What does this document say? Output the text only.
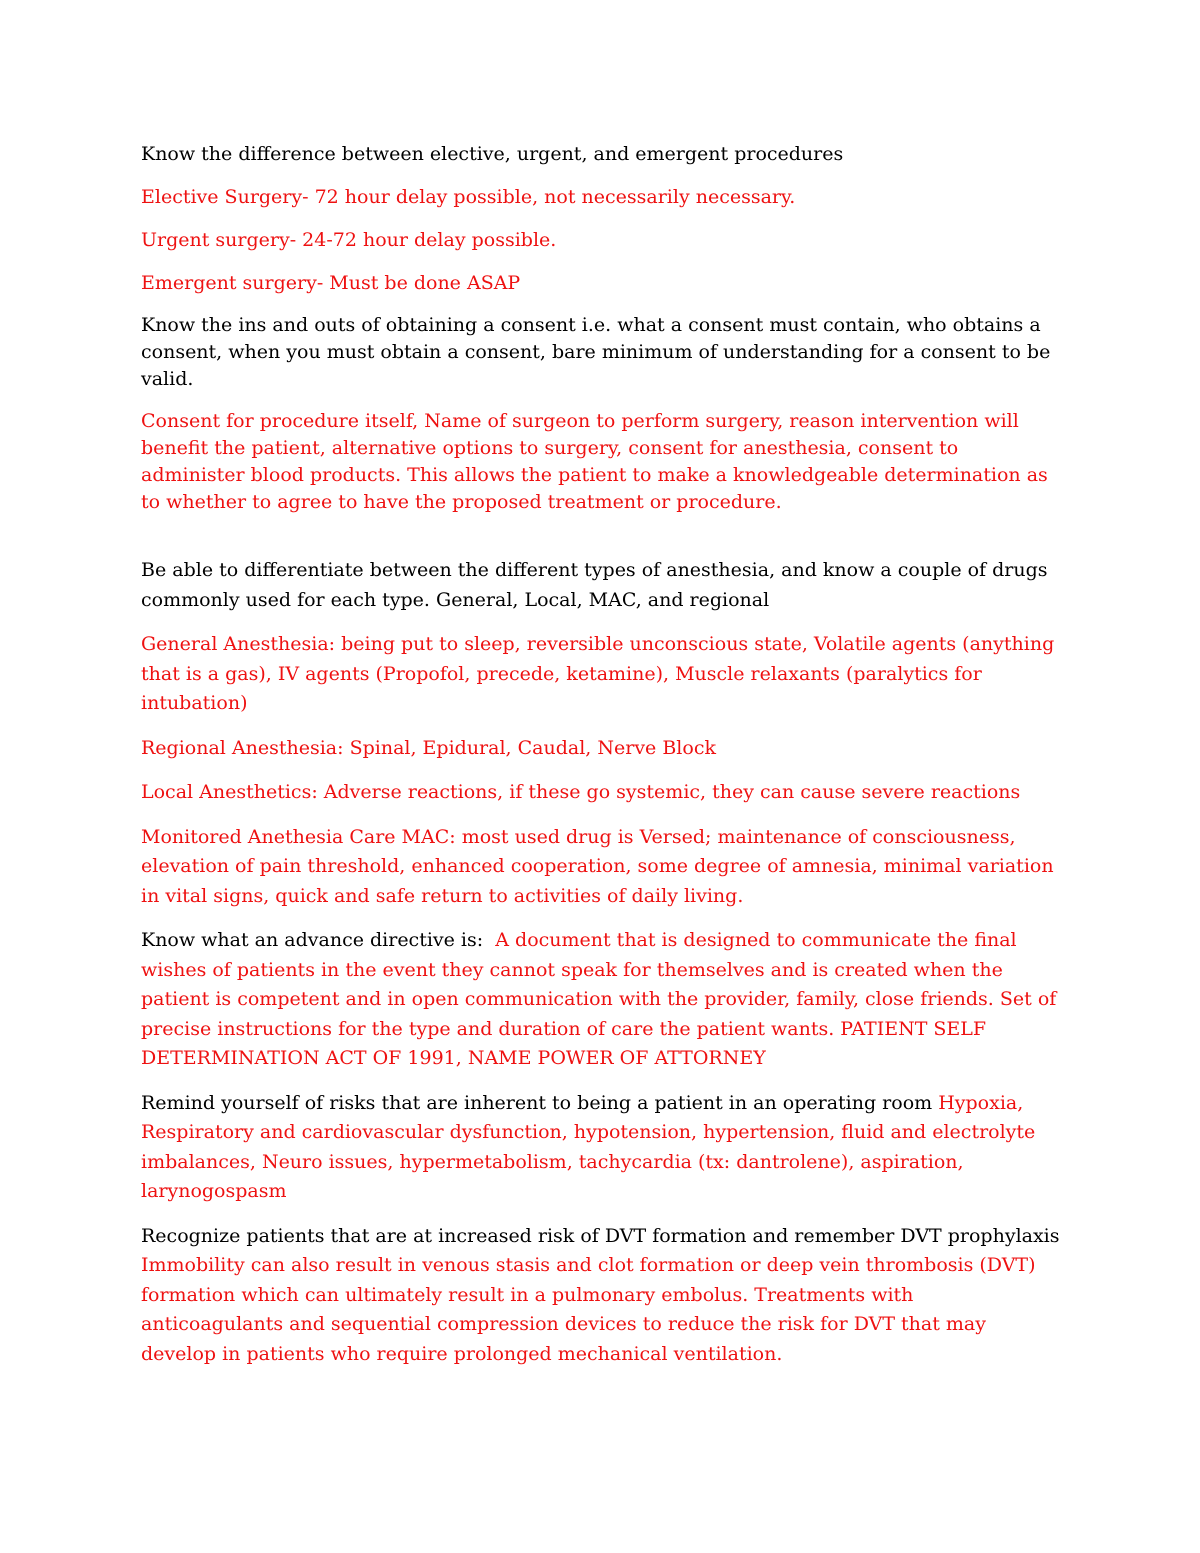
Know the difference between elective, urgent, and emergent procedures

Elective Surgery- 72 hour delay possible, not necessarily necessary.

Urgent surgery- 24-72 hour delay possible.

Emergent surgery- Must be done ASAP

Know the ins and outs of obtaining a consent i.e. what a consent must contain, who obtains a consent, when you must obtain a consent, bare minimum of understanding for a consent to be valid.

Consent for procedure itself, Name of surgeon to perform surgery, reason intervention will benefit the patient, alternative options to surgery, consent for anesthesia, consent to administer blood products. This allows the patient to make a knowledgeable determination as to whether to agree to have the proposed treatment or procedure.

Be able to differentiate between the different types of anesthesia, and know a couple of drugs commonly used for each type. General, Local, MAC, and regional

General Anesthesia: being put to sleep, reversible unconscious state, Volatile agents (anything that is a gas), IV agents (Propofol, precede, ketamine), Muscle relaxants (paralytics for intubation)

Regional Anesthesia: Spinal, Epidural, Caudal, Nerve Block

Local Anesthetics: Adverse reactions, if these go systemic, they can cause severe reactions

Monitored Anethesia Care MAC: most used drug is Versed; maintenance of consciousness, elevation of pain threshold, enhanced cooperation, some degree of amnesia, minimal variation in vital signs, quick and safe return to activities of daily living.

Know what an advance directive is: A document that is designed to communicate the final wishes of patients in the event they cannot speak for themselves and is created when the patient is competent and in open communication with the provider, family, close friends. Set of precise instructions for the type and duration of care the patient wants. PATIENT SELF DETERMINATION ACT OF 1991, NAME POWER OF ATTORNEY

Remind yourself of risks that are inherent to being a patient in an operating room Hypoxia, Respiratory and cardiovascular dysfunction, hypotension, hypertension, fluid and electrolyte imbalances, Neuro issues, hypermetabolism, tachycardia (tx: dantrolene), aspiration, larynogospasm

Recognize patients that are at increased risk of DVT formation and remember DVT prophylaxis Immobility can also result in venous stasis and clot formation or deep vein thrombosis (DVT) formation which can ultimately result in a pulmonary embolus. Treatments with anticoagulants and sequential compression devices to reduce the risk for DVT that may develop in patients who require prolonged mechanical ventilation.
